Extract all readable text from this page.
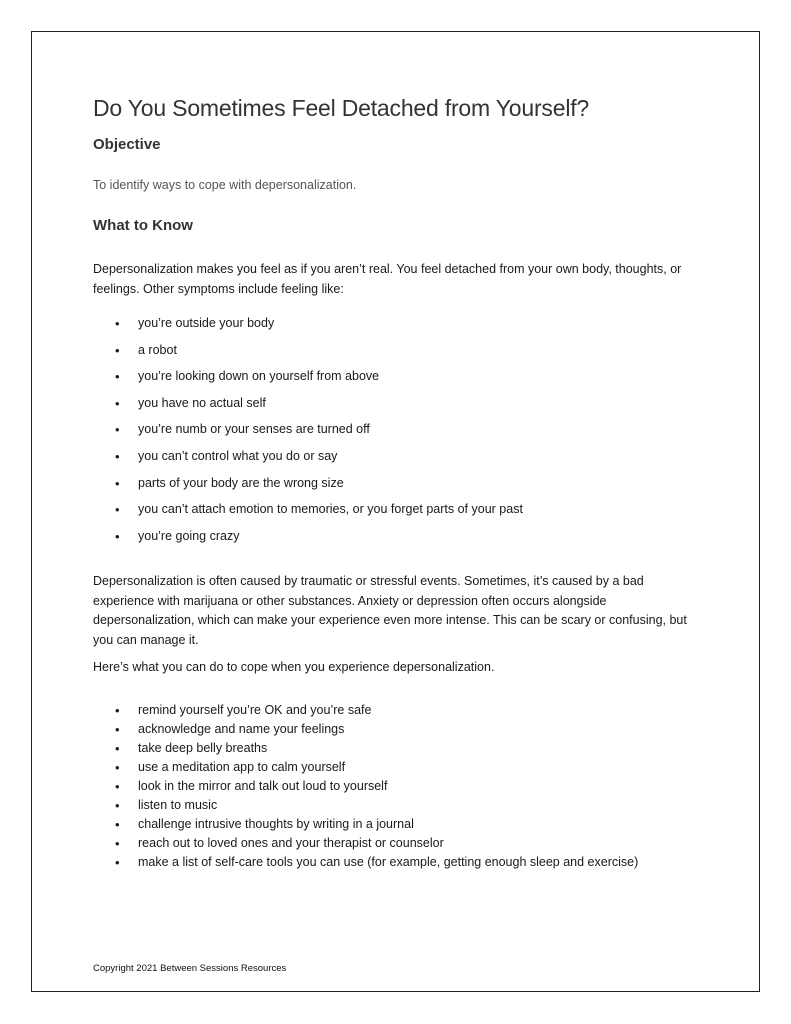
Do You Sometimes Feel Detached from Yourself?
Objective

To identify ways to cope with depersonalization.

What to Know

Depersonalization makes you feel as if you aren’t real. You feel detached from your own body, thoughts, or feelings. Other symptoms include feeling like:

• you’re outside your body
• a robot
• you’re looking down on yourself from above
• you have no actual self
• you’re numb or your senses are turned off
• you can’t control what you do or say
• parts of your body are the wrong size
• you can’t attach emotion to memories, or you forget parts of your past
• you’re going crazy

Depersonalization is often caused by traumatic or stressful events. Sometimes, it’s caused by a bad experience with marijuana or other substances. Anxiety or depression often occurs alongside depersonalization, which can make your experience even more intense. This can be scary or confusing, but you can manage it.

Here’s what you can do to cope when you experience depersonalization.

• remind yourself you’re OK and you’re safe
• acknowledge and name your feelings
• take deep belly breaths
• use a meditation app to calm yourself
• look in the mirror and talk out loud to yourself
• listen to music
• challenge intrusive thoughts by writing in a journal
• reach out to loved ones and your therapist or counselor
• make a list of self-care tools you can use (for example, getting enough sleep and exercise)

Copyright 2021 Between Sessions Resources
